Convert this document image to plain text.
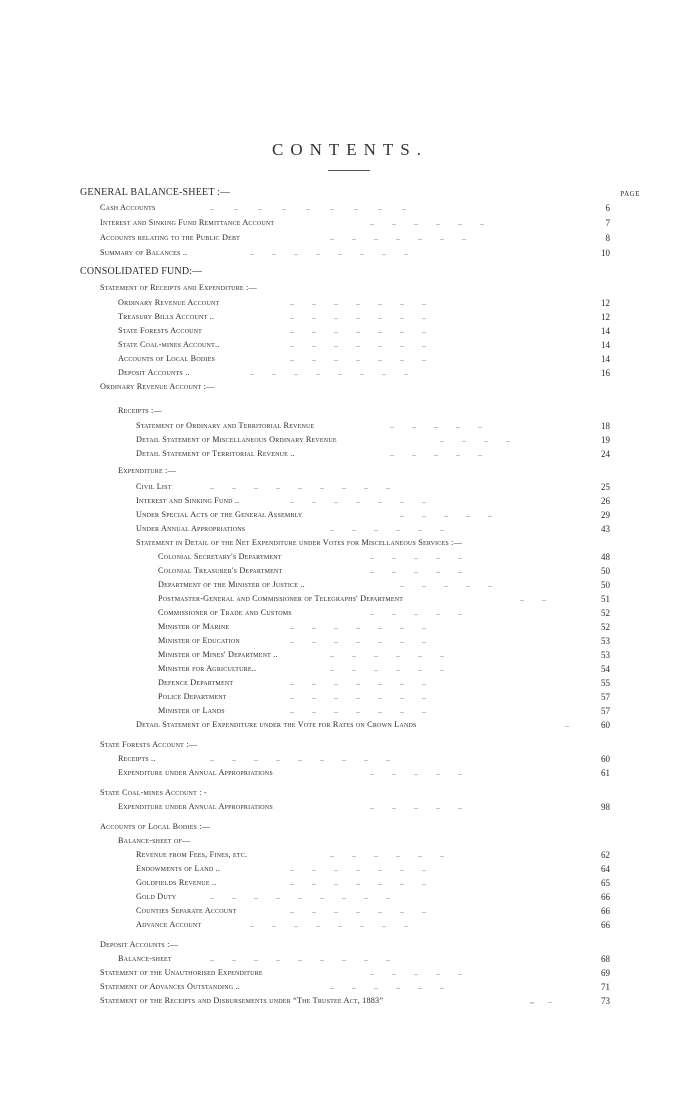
CONTENTS.
PAGE
GENERAL BALANCE-SHEET :—
Cash Accounts	..          ..          ..          ..          ..          ..          ..          ..          ..	6
Interest and Sinking Fund Remittance Account	..         ..         ..         ..         ..         ..	7
Accounts relating to the Public Debt	..         ..         ..         ..         ..         ..         ..	8
Summary of Balances ..	..         ..         ..         ..         ..         ..         ..         ..	10
CONSOLIDATED FUND:—
Statement of Receipts and Expenditure :—
Ordinary Revenue Account	..         ..         ..         ..         ..         ..         ..	12
Treasury Bills Account ..	..         ..         ..         ..         ..         ..         ..	12
State Forests Account	..         ..         ..         ..         ..         ..         ..	14
State Coal-mines Account..	..         ..         ..         ..         ..         ..         ..	14
Accounts of Local Bodies	..         ..         ..         ..         ..         ..         ..	14
Deposit Accounts ..	..         ..         ..         ..         ..         ..         ..         ..	16
Ordinary Revenue Account :—
Receipts :—
Statement of Ordinary and Territorial Revenue	..         ..         ..         ..         ..	18
Detail Statement of Miscellaneous Ordinary Revenue	..         ..         ..         ..	19
Detail Statement of Territorial Revenue ..	..         ..         ..         ..         ..	24
Expenditure :—
Civil List	..         ..         ..         ..         ..         ..         ..         ..         ..	25
Interest and Sinking Fund ..	..         ..         ..         ..         ..         ..         ..	26
Under Special Acts of the General Assembly	..         ..         ..         ..         ..	29
Under Annual Appropriations	..         ..         ..         ..         ..         ..	43
Statement in Detail of the Net Expenditure under Votes for Miscellaneous Services :—
Colonial Secretary's Department	..         ..         ..         ..         ..	48
Colonial Treasurer's Department	..         ..         ..         ..         ..	50
Department of the Minister of Justice ..	..         ..         ..         ..         ..	50
Postmaster-General and Commissioner of Telegraphs' Department	..         ..	51
Commissioner of Trade and Customs	..         ..         ..         ..         ..	52
Minister of Marine	..         ..         ..         ..         ..         ..         ..	52
Minister of Education	..         ..         ..         ..         ..         ..         ..	53
Minister of Mines' Department ..	..         ..         ..         ..         ..         ..	53
Minister for Agriculture..	..         ..         ..         ..         ..         ..	54
Defence Department	..         ..         ..         ..         ..         ..         ..	55
Police Department	..         ..         ..         ..         ..         ..         ..	57
Minister of Lands	..         ..         ..         ..         ..         ..         ..	57
Detail Statement of Expenditure under the Vote for Rates on Crown Lands	..	60
State Forests Account :—
Receipts ..	..         ..         ..         ..         ..         ..         ..         ..         ..	60
Expenditure under Annual Appropriations	..         ..         ..         ..         ..	61
State Coal-mines Account : -
Expenditure under Annual Appropriations	..         ..         ..         ..         ..	98
Accounts of Local Bodies :—
Balance-sheet of—
Revenue from Fees, Fines, etc.	..         ..         ..         ..         ..         ..	62
Endowments of Land ..	..         ..         ..         ..         ..         ..         ..	64
Goldfields Revenue ..	..         ..         ..         ..         ..         ..         ..	65
Gold Duty	..         ..         ..         ..         ..         ..         ..         ..         ..	66
Counties Separate Account	..         ..         ..         ..         ..         ..         ..	66
Advance Account	..         ..         ..         ..         ..         ..         ..         ..	66
Deposit Accounts :—
Balance-sheet	..         ..         ..         ..         ..         ..         ..         ..         ..	68
Statement of the Unauthorised Expenditure	..         ..         ..         ..         ..	69
Statement of Advances Outstanding ..	..         ..         ..         ..         ..         ..	71
Statement of the Receipts and Disbursements under “The Trustee Act, 1883”	,,       ..	73
